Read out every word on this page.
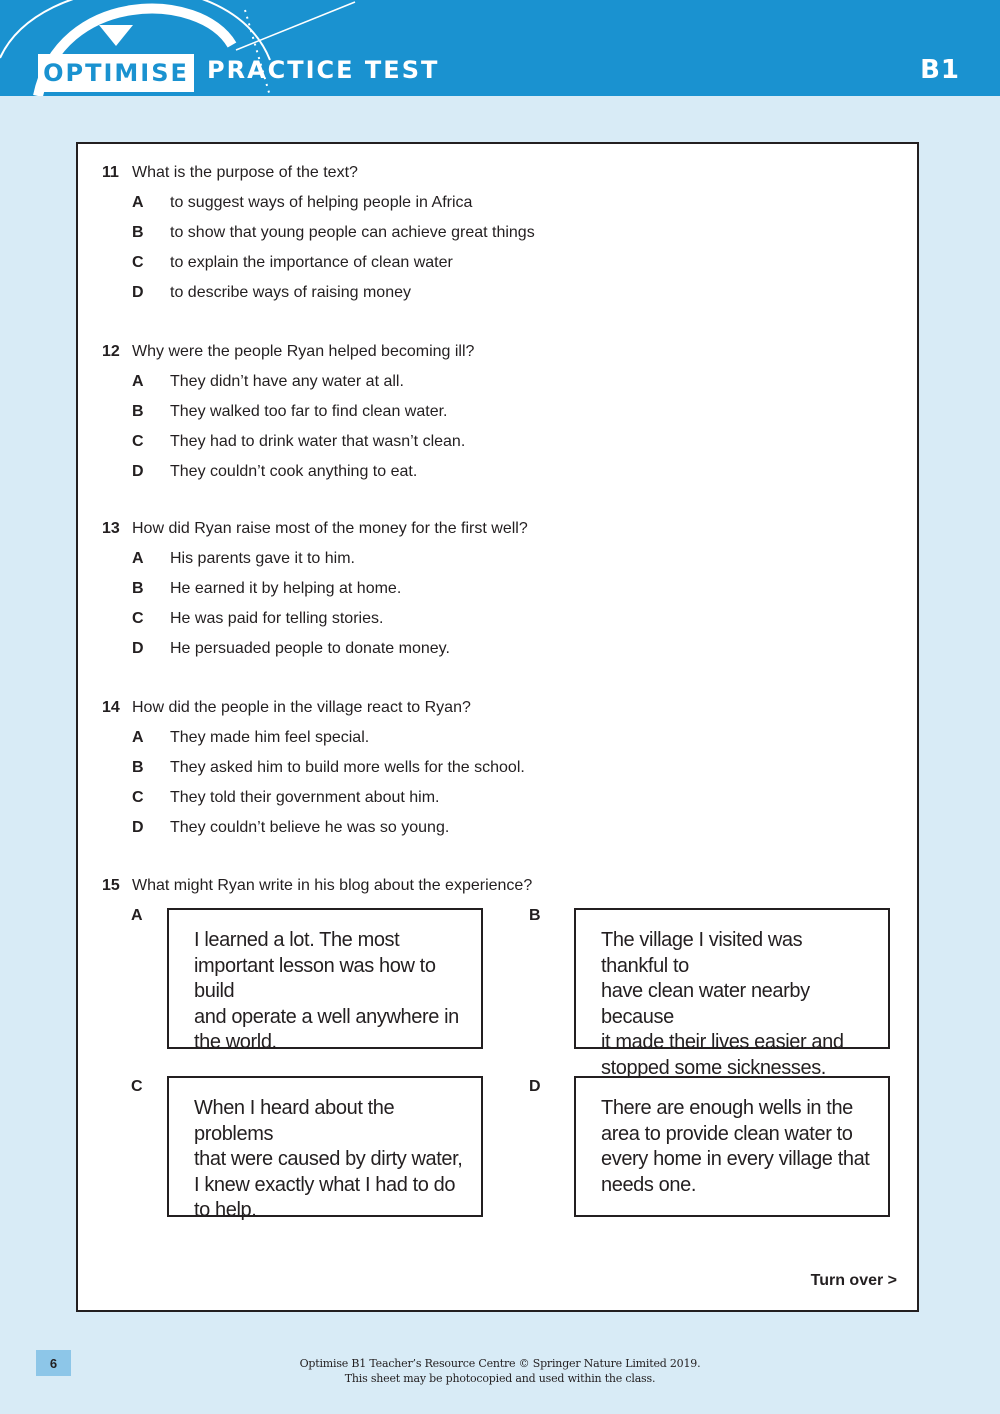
OPTIMISE PRACTICE TEST	B1
11 What is the purpose of the text?
A	to suggest ways of helping people in Africa
B	to show that young people can achieve great things
C	to explain the importance of clean water
D	to describe ways of raising money
12 Why were the people Ryan helped becoming ill?
A	They didn’t have any water at all.
B	They walked too far to find clean water.
C	They had to drink water that wasn’t clean.
D	They couldn’t cook anything to eat.
13 How did Ryan raise most of the money for the first well?
A	His parents gave it to him.
B	He earned it by helping at home.
C	He was paid for telling stories.
D	He persuaded people to donate money.
14 How did the people in the village react to Ryan?
A	They made him feel special.
B	They asked him to build more wells for the school.
C	They told their government about him.
D	They couldn’t believe he was so young.
15 What might Ryan write in his blog about the experience?
A
I learned a lot. The most
important lesson was how to build
and operate a well anywhere in
the world.
B
The village I visited was thankful to
have clean water nearby because
it made their lives easier and
stopped some sicknesses.
C
When I heard about the problems
that were caused by dirty water,
I knew exactly what I had to do
to help.
D
There are enough wells in the
area to provide clean water to
every home in every village that
needs one.
Turn over >
6	Optimise B1 Teacher’s Resource Centre © Springer Nature Limited 2019.
This sheet may be photocopied and used within the class.
